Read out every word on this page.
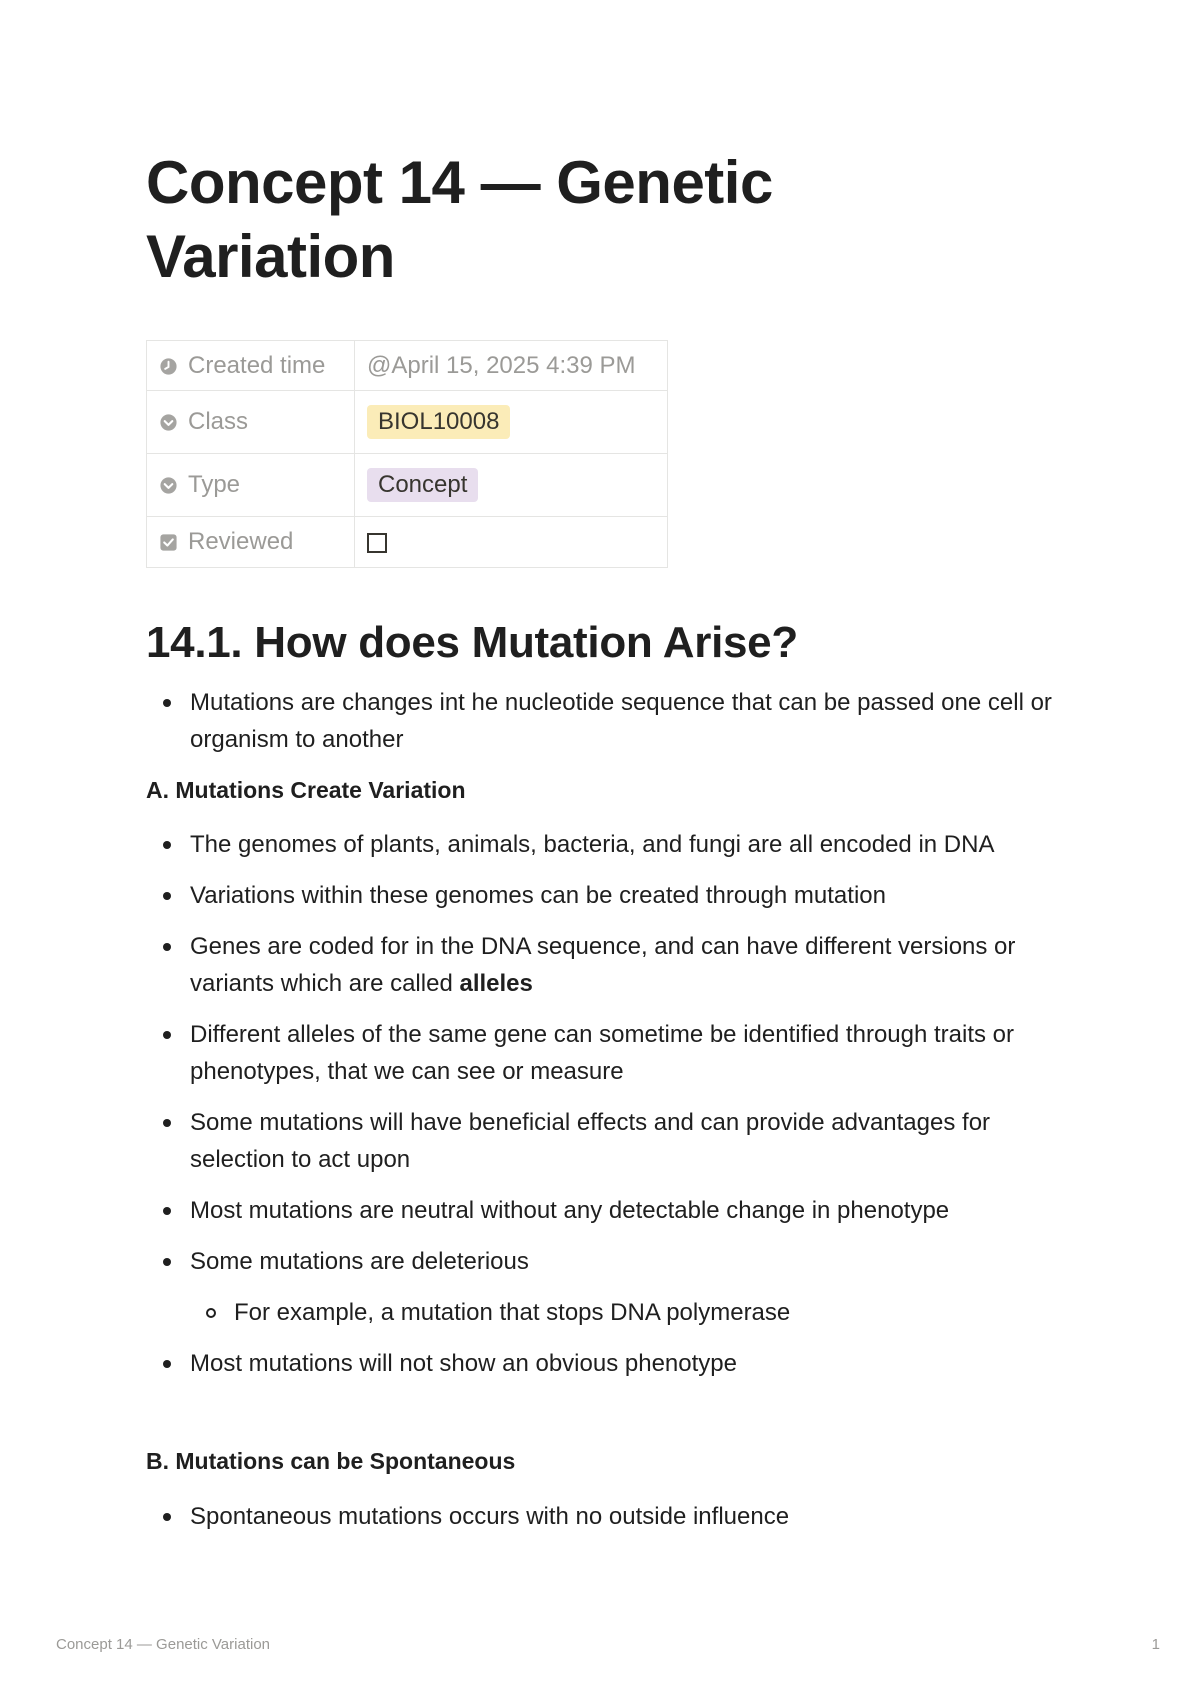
Concept 14 — Genetic Variation
Created time	@April 15, 2025 4:39 PM
Class	BIOL10008
Type	Concept
Reviewed	
14.1. How does Mutation Arise?
Mutations are changes int he nucleotide sequence that can be passed one cell or organism to another
A. Mutations Create Variation
The genomes of plants, animals, bacteria, and fungi are all encoded in DNA
Variations within these genomes can be created through mutation
Genes are coded for in the DNA sequence, and can have different versions or variants which are called alleles
Different alleles of the same gene can sometime be identified through traits or phenotypes, that we can see or measure
Some mutations will have beneficial effects and can provide advantages for selection to act upon
Most mutations are neutral without any detectable change in phenotype
Some mutations are deleterious
For example, a mutation that stops DNA polymerase
Most mutations will not show an obvious phenotype
B. Mutations can be Spontaneous
Spontaneous mutations occurs with no outside influence
Concept 14 — Genetic Variation	1
